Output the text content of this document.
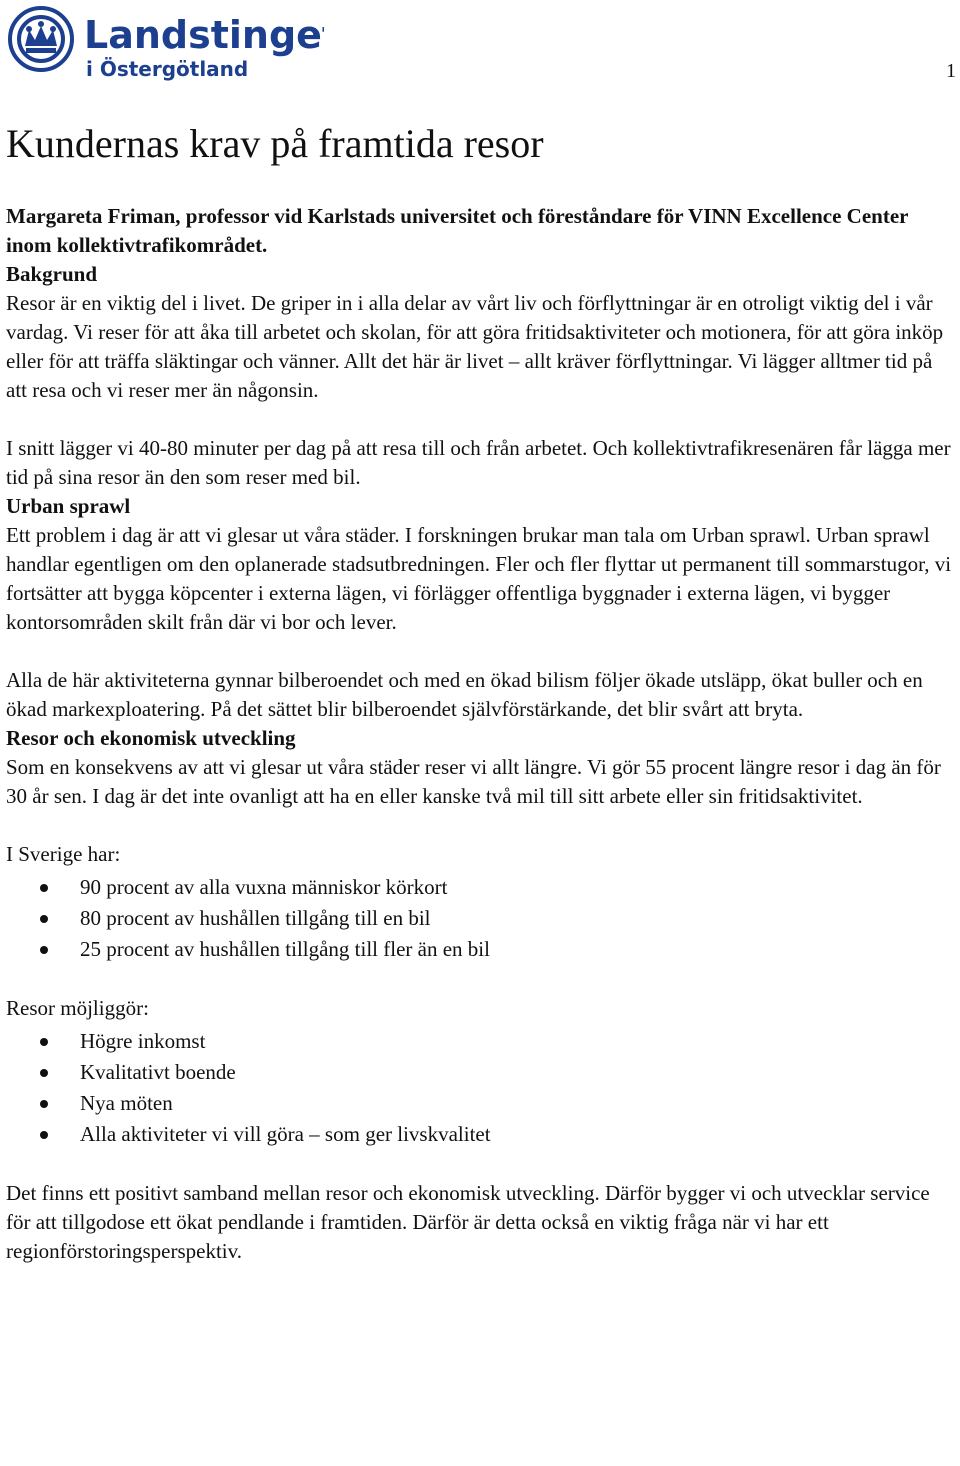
Landstinget
i Östergötland	1
Kundernas krav på framtida resor

Margareta Friman, professor vid Karlstads universitet och föreståndare för VINN Excellence Center inom kollektivtrafikområdet.

Bakgrund

Resor är en viktig del i livet. De griper in i alla delar av vårt liv och förflyttningar är en otroligt viktig del i vår vardag. Vi reser för att åka till arbetet och skolan, för att göra fritidsaktiviteter och motionera, för att göra inköp eller för att träffa släktingar och vänner. Allt det här är livet – allt kräver förflyttningar. Vi lägger alltmer tid på att resa och vi reser mer än någonsin.

I snitt lägger vi 40-80 minuter per dag på att resa till och från arbetet. Och kollektivtrafikresenären får lägga mer tid på sina resor än den som reser med bil.

Urban sprawl

Ett problem i dag är att vi glesar ut våra städer. I forskningen brukar man tala om Urban sprawl. Urban sprawl handlar egentligen om den oplanerade stadsutbredningen. Fler och fler flyttar ut permanent till sommarstugor, vi fortsätter att bygga köpcenter i externa lägen, vi förlägger offentliga byggnader i externa lägen, vi bygger kontorsområden skilt från där vi bor och lever.

Alla de här aktiviteterna gynnar bilberoendet och med en ökad bilism följer ökade utsläpp, ökat buller och en ökad markexploatering. På det sättet blir bilberoendet självförstärkande, det blir svårt att bryta.

Resor och ekonomisk utveckling

Som en konsekvens av att vi glesar ut våra städer reser vi allt längre. Vi gör 55 procent längre resor i dag än för 30 år sen. I dag är det inte ovanligt att ha en eller kanske två mil till sitt arbete eller sin fritidsaktivitet.

I Sverige har:

90 procent av alla vuxna människor körkort
80 procent av hushållen tillgång till en bil
25 procent av hushållen tillgång till fler än en bil

Resor möjliggör:

Högre inkomst
Kvalitativt boende
Nya möten
Alla aktiviteter vi vill göra – som ger livskvalitet

Det finns ett positivt samband mellan resor och ekonomisk utveckling. Därför bygger vi och utvecklar service för att tillgodose ett ökat pendlande i framtiden. Därför är detta också en viktig fråga när vi har ett regionförstoringsperspektiv.
